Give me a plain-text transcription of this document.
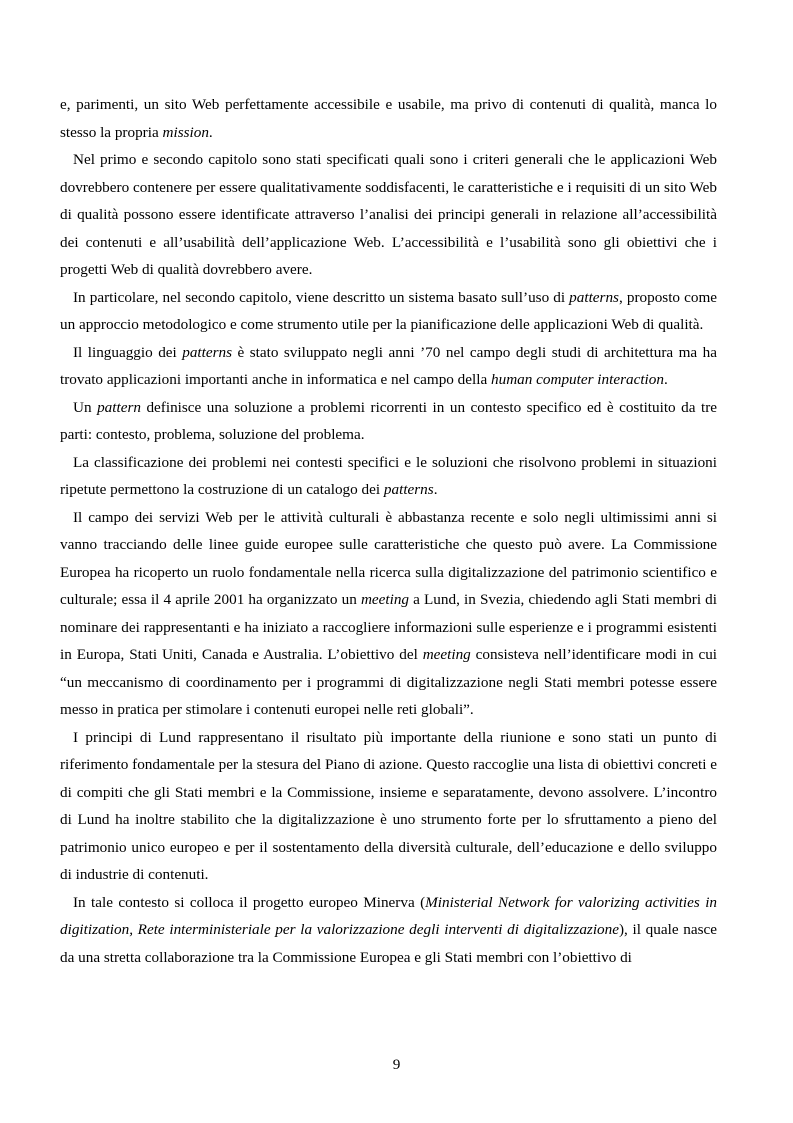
e, parimenti, un sito Web perfettamente accessibile e usabile, ma privo di contenuti di qualità, manca lo stesso la propria mission.

Nel primo e secondo capitolo sono stati specificati quali sono i criteri generali che le applicazioni Web dovrebbero contenere per essere qualitativamente soddisfacenti, le caratteristiche e i requisiti di un sito Web di qualità possono essere identificate attraverso l’analisi dei principi generali in relazione all’accessibilità dei contenuti e all’usabilità dell’applicazione Web. L’accessibilità e l’usabilità sono gli obiettivi che i progetti Web di qualità dovrebbero avere.

In particolare, nel secondo capitolo, viene descritto un sistema basato sull’uso di patterns, proposto come un approccio metodologico e come strumento utile per la pianificazione delle applicazioni Web di qualità.

Il linguaggio dei patterns è stato sviluppato negli anni ’70 nel campo degli studi di architettura ma ha trovato applicazioni importanti anche in informatica e nel campo della human computer interaction.

Un pattern definisce una soluzione a problemi ricorrenti in un contesto specifico ed è costituito da tre parti: contesto, problema, soluzione del problema.

La classificazione dei problemi nei contesti specifici e le soluzioni che risolvono problemi in situazioni ripetute permettono la costruzione di un catalogo dei patterns.

Il campo dei servizi Web per le attività culturali è abbastanza recente e solo negli ultimissimi anni si vanno tracciando delle linee guide europee sulle caratteristiche che questo può avere. La Commissione Europea ha ricoperto un ruolo fondamentale nella ricerca sulla digitalizzazione del patrimonio scientifico e culturale; essa il 4 aprile 2001 ha organizzato un meeting a Lund, in Svezia, chiedendo agli Stati membri di nominare dei rappresentanti e ha iniziato a raccogliere informazioni sulle esperienze e i programmi esistenti in Europa, Stati Uniti, Canada e Australia. L’obiettivo del meeting consisteva nell’identificare modi in cui “un meccanismo di coordinamento per i programmi di digitalizzazione negli Stati membri potesse essere messo in pratica per stimolare i contenuti europei nelle reti globali”.

I principi di Lund rappresentano il risultato più importante della riunione e sono stati un punto di riferimento fondamentale per la stesura del Piano di azione. Questo raccoglie una lista di obiettivi concreti e di compiti che gli Stati membri e la Commissione, insieme e separatamente, devono assolvere. L’incontro di Lund ha inoltre stabilito che la digitalizzazione è uno strumento forte per lo sfruttamento a pieno del patrimonio unico europeo e per il sostentamento della diversità culturale, dell’educazione e dello sviluppo di industrie di contenuti.

In tale contesto si colloca il progetto europeo Minerva (Ministerial Network for valorizing activities in digitization, Rete interministeriale per la valorizzazione degli interventi di digitalizzazione), il quale nasce da una stretta collaborazione tra la Commissione Europea e gli Stati membri con l’obiettivo di

9
